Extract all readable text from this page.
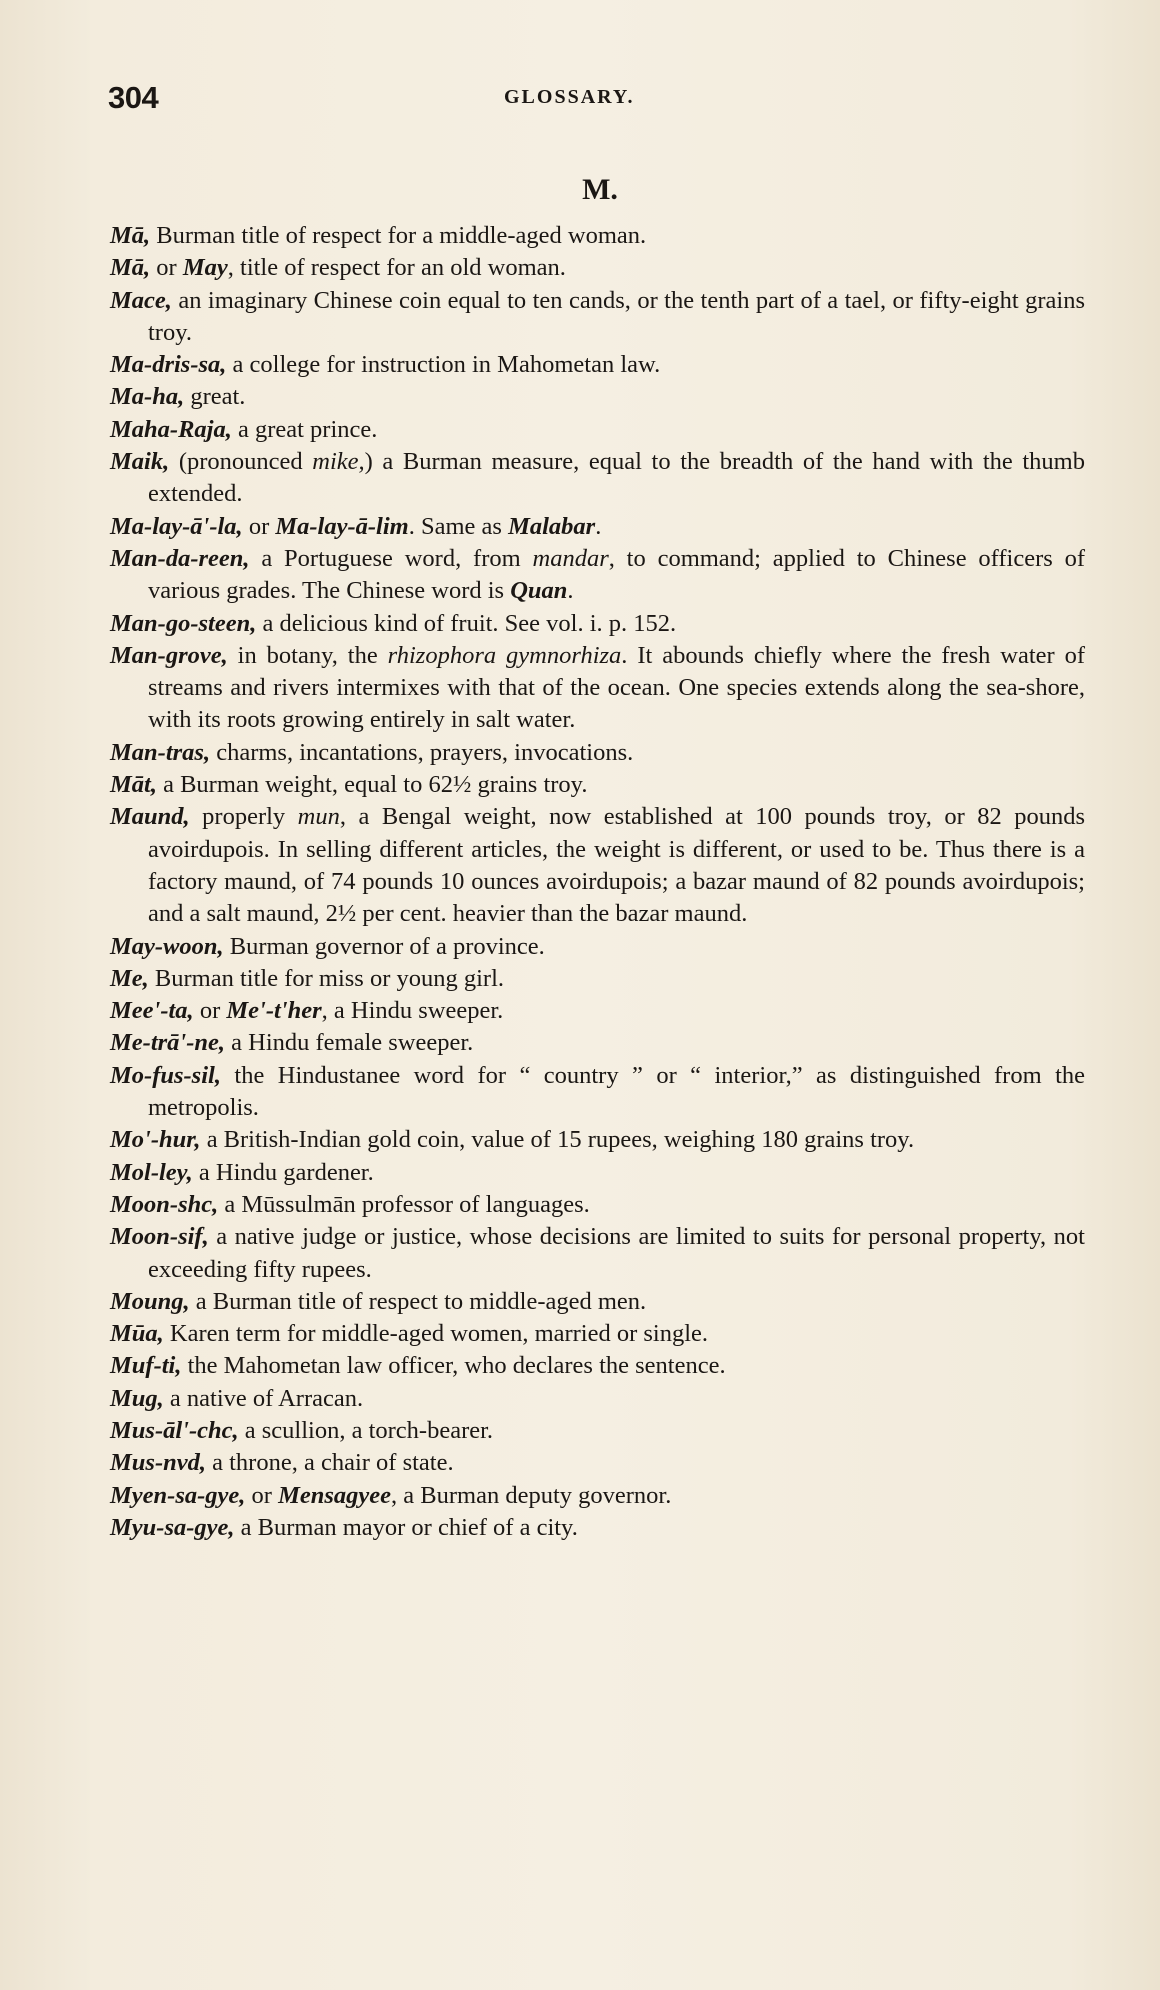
304	GLOSSARY.
M.

Mā, Burman title of respect for a middle-aged woman.

Mā, or May, title of respect for an old woman.

Mace, an imaginary Chinese coin equal to ten cands, or the tenth part of a tael, or fifty-eight grains troy.

Ma-dris-sa, a college for instruction in Mahometan law.

Ma-ha, great.

Maha-Raja, a great prince.

Maik, (pronounced mike,) a Burman measure, equal to the breadth of the hand with the thumb extended.

Ma-lay-ā'-la, or Ma-lay-ā-lim. Same as Malabar.

Man-da-reen, a Portuguese word, from mandar, to command; applied to Chinese officers of various grades. The Chinese word is Quan.

Man-go-steen, a delicious kind of fruit. See vol. i. p. 152.

Man-grove, in botany, the rhizophora gymnorhiza. It abounds chiefly where the fresh water of streams and rivers intermixes with that of the ocean. One species extends along the sea-shore, with its roots growing entirely in salt water.

Man-tras, charms, incantations, prayers, invocations.

Māt, a Burman weight, equal to 62½ grains troy.

Maund, properly mun, a Bengal weight, now established at 100 pounds troy, or 82 pounds avoirdupois. In selling different articles, the weight is different, or used to be. Thus there is a factory maund, of 74 pounds 10 ounces avoirdupois; a bazar maund of 82 pounds avoirdupois; and a salt maund, 2½ per cent. heavier than the bazar maund.

May-woon, Burman governor of a province.

Me, Burman title for miss or young girl.

Mee'-ta, or Me'-t'her, a Hindu sweeper.

Me-trā'-ne, a Hindu female sweeper.

Mo-fus-sil, the Hindustanee word for “ country ” or “ interior,” as distinguished from the metropolis.

Mo'-hur, a British-Indian gold coin, value of 15 rupees, weighing 180 grains troy.

Mol-ley, a Hindu gardener.

Moon-shc, a Mūssulmān professor of languages.

Moon-sif, a native judge or justice, whose decisions are limited to suits for personal property, not exceeding fifty rupees.

Moung, a Burman title of respect to middle-aged men.

Mūa, Karen term for middle-aged women, married or single.

Muf-ti, the Mahometan law officer, who declares the sentence.

Mug, a native of Arracan.

Mus-āl'-chc, a scullion, a torch-bearer.

Mus-nvd, a throne, a chair of state.

Myen-sa-gye, or Mensagyee, a Burman deputy governor.

Myu-sa-gye, a Burman mayor or chief of a city.
